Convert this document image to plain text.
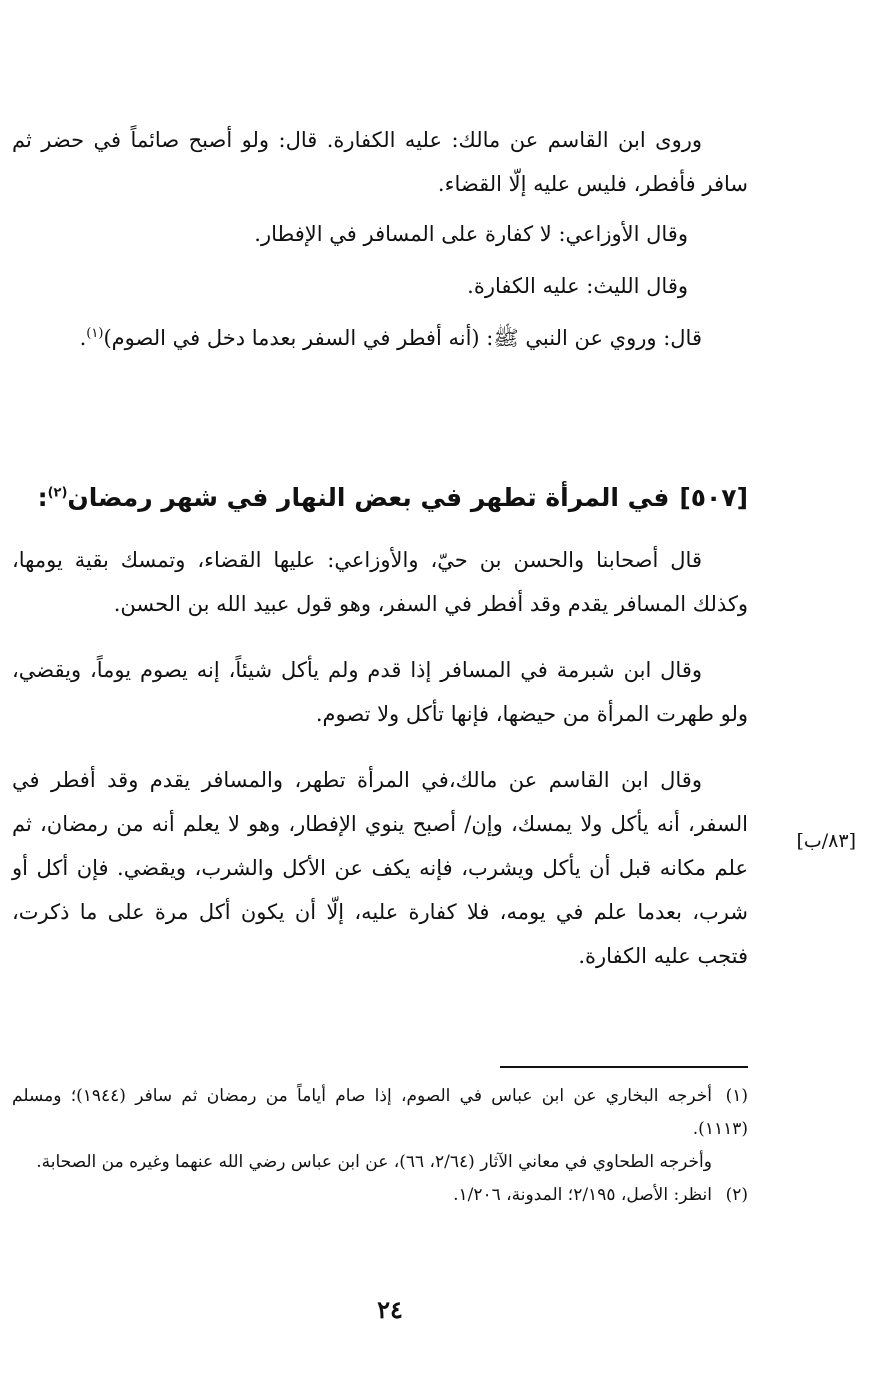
وروى ابن القاسم عن مالك: عليه الكفارة. قال: ولو أصبح صائماً في حضر ثم سافر فأفطر، فليس عليه إلّا القضاء.

وقال الأوزاعي: لا كفارة على المسافر في الإفطار.

وقال الليث: عليه الكفارة.

قال: وروي عن النبي ﷺ: (أنه أفطر في السفر بعدما دخل في الصوم)$^{(١)}$.

[٥٠٧]في المرأة تطهر في بعض النهار في شهر رمضان$^{(٢)}$:

قال أصحابنا والحسن بن حيّ، والأوزاعي: عليها القضاء، وتمسك بقية يومها، وكذلك المسافر يقدم وقد أفطر في السفر، وهو قول عبيد الله بن الحسن.

وقال ابن شبرمة في المسافر إذا قدم ولم يأكل شيئاً، إنه يصوم يوماً، ويقضي، ولو طهرت المرأة من حيضها، فإنها تأكل ولا تصوم.

وقال ابن القاسم عن مالك،في المرأة تطهر، والمسافر يقدم وقد أفطر في السفر، أنه يأكل ولا يمسك، وإن/ أصبح ينوي الإفطار، وهو لا يعلم أنه من رمضان، ثم علم مكانه قبل أن يأكل ويشرب، فإنه يكف عن الأكل والشرب، ويقضي. فإن أكل أو شرب، بعدما علم في يومه، فلا كفارة عليه، إلّا أن يكون أكل مرة على ما ذكرت، فتجب عليه الكفارة.

[٨٣/ب]

(١)أخرجه البخاري عن ابن عباس في الصوم، إذا صام أياماً من رمضان ثم سافر (١٩٤٤)؛ ومسلم (١١١٣).

وأخرجه الطحاوي في معاني الآثار (٢/٦٤، ٦٦)، عن ابن عباس رضي الله عنهما وغيره من الصحابة.

(٢)انظر: الأصل، ٢/١٩٥؛ المدونة، ١/٢٠٦.

٢٤
